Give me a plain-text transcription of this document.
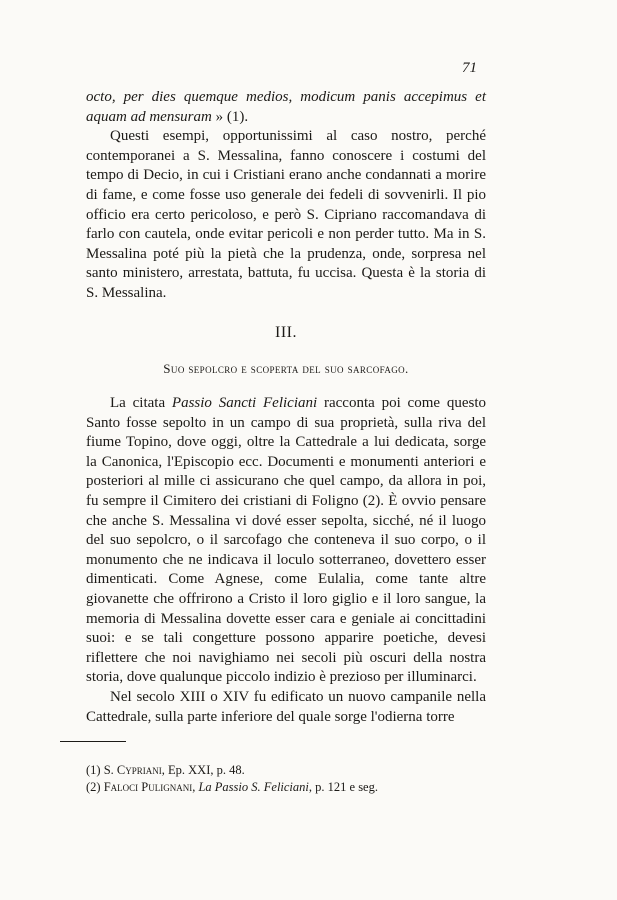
71

octo, per dies quemque medios, modicum panis accepimus et aquam ad mensuram » (1).

Questi esempi, opportunissimi al caso nostro, perché contemporanei a S. Messalina, fanno conoscere i costumi del tempo di Decio, in cui i Cristiani erano anche condannati a morire di fame, e come fosse uso generale dei fedeli di sovvenirli. Il pio officio era certo pericoloso, e però S. Cipriano raccomandava di farlo con cautela, onde evitar pericoli e non perder tutto. Ma in S. Messalina poté più la pietà che la prudenza, onde, sorpresa nel santo ministero, arrestata, battuta, fu uccisa. Questa è la storia di S. Messalina.

III.
Suo sepolcro e scoperta del suo sarcofago.

La citata Passio Sancti Feliciani racconta poi come questo Santo fosse sepolto in un campo di sua proprietà, sulla riva del fiume Topino, dove oggi, oltre la Cattedrale a lui dedicata, sorge la Canonica, l'Episcopio ecc. Documenti e monumenti anteriori e posteriori al mille ci assicurano che quel campo, da allora in poi, fu sempre il Cimitero dei cristiani di Foligno (2). È ovvio pensare che anche S. Messalina vi dové esser sepolta, sicché, né il luogo del suo sepolcro, o il sarcofago che conteneva il suo corpo, o il monumento che ne indicava il loculo sotterraneo, dovettero esser dimenticati. Come Agnese, come Eulalia, come tante altre giovanette che offrirono a Cristo il loro giglio e il loro sangue, la memoria di Messalina dovette esser cara e geniale ai concittadini suoi: e se tali congetture possono apparire poetiche, devesi riflettere che noi navighiamo nei secoli più oscuri della nostra storia, dove qualunque piccolo indizio è prezioso per illuminarci.

Nel secolo XIII o XIV fu edificato un nuovo campanile nella Cattedrale, sulla parte inferiore del quale sorge l'odierna torre

(1) S. Cypriani, Ep. XXI, p. 48.
(2) Faloci Pulignani, La Passio S. Feliciani, p. 121 e seg.
